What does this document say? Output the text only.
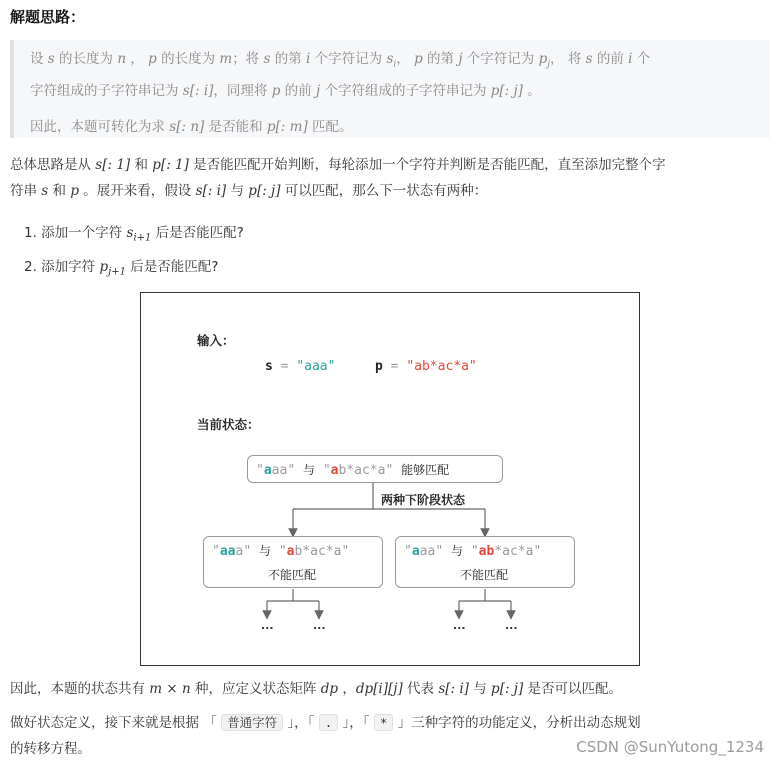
解题思路：

设 s 的长度为 n ， p 的长度为 m；将 s 的第 i 个字符记为 $s_i$， p 的第 j 个字符记为 $p_j$， 将 s 的前 i 个
字符组成的子字符串记为 s[: i]，同理将 p 的前 j 个字符组成的子字符串记为 p[: j] 。

因此，本题可转化为求 s[: n] 是否能和 p[: m] 匹配。

总体思路是从 s[: 1] 和 p[: 1] 是否能匹配开始判断，每轮添加一个字符并判断是否能匹配，直至添加完整个字
符串 s 和 p 。展开来看，假设 s[: i] 与 p[: j] 可以匹配，那么下一状态有两种：
1. 添加一个字符 $s_{i+1}$ 后是否能匹配?
2. 添加字符 $p_{j+1}$ 后是否能匹配?
输入：
s = "aaa"	p = "ab*ac*a"
当前状态：
"aaa" 与 "ab*ac*a" 能够匹配
两种下阶段状态
"aaa" 与 "ab*ac*a"
不能匹配
"aaa" 与 "ab*ac*a"
不能匹配
...	...	...	...
因此，本题的状态共有 m × n 种，应定义状态矩阵 dp ，dp[i][j] 代表 s[: i] 与 p[: j] 是否可以匹配。
做好状态定义，接下来就是根据 「 普通字符 」，「 . 」，「 * 」三种字符的功能定义，分析出动态规划
的转移方程。	CSDN @SunYutong_1234
